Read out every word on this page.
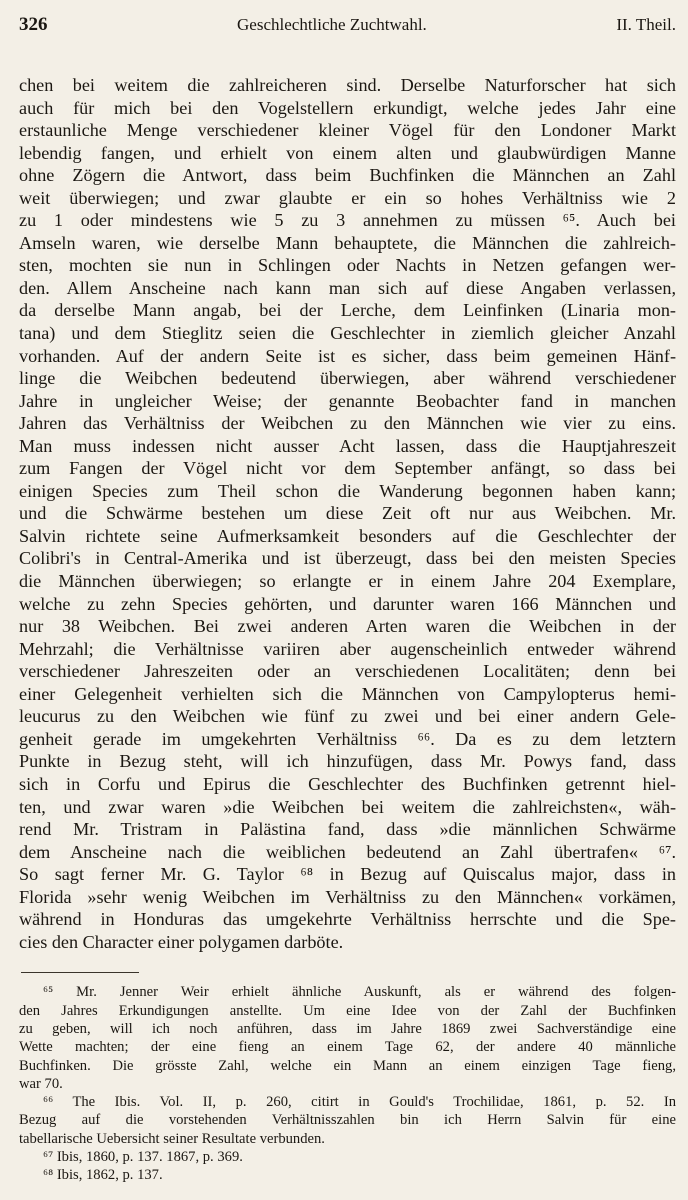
326	Geschlechtliche Zuchtwahl.	II. Theil.
chen bei weitem die zahlreicheren sind. Derselbe Naturforscher hat sich
auch für mich bei den Vogelstellern erkundigt, welche jedes Jahr eine
erstaunliche Menge verschiedener kleiner Vögel für den Londoner Markt
lebendig fangen, und erhielt von einem alten und glaubwürdigen Manne
ohne Zögern die Antwort, dass beim Buchfinken die Männchen an Zahl
weit überwiegen; und zwar glaubte er ein so hohes Verhältniss wie 2
zu 1 oder mindestens wie 5 zu 3 annehmen zu müssen ⁶⁵. Auch bei
Amseln waren, wie derselbe Mann behauptete, die Männchen die zahlreich-
sten, mochten sie nun in Schlingen oder Nachts in Netzen gefangen wer-
den. Allem Anscheine nach kann man sich auf diese Angaben verlassen,
da derselbe Mann angab, bei der Lerche, dem Leinfinken (Linaria mon-
tana) und dem Stieglitz seien die Geschlechter in ziemlich gleicher Anzahl
vorhanden. Auf der andern Seite ist es sicher, dass beim gemeinen Hänf-
linge die Weibchen bedeutend überwiegen, aber während verschiedener
Jahre in ungleicher Weise; der genannte Beobachter fand in manchen
Jahren das Verhältniss der Weibchen zu den Männchen wie vier zu eins.
Man muss indessen nicht ausser Acht lassen, dass die Hauptjahreszeit
zum Fangen der Vögel nicht vor dem September anfängt, so dass bei
einigen Species zum Theil schon die Wanderung begonnen haben kann;
und die Schwärme bestehen um diese Zeit oft nur aus Weibchen. Mr.
Salvin richtete seine Aufmerksamkeit besonders auf die Geschlechter der
Colibri's in Central-Amerika und ist überzeugt, dass bei den meisten Species
die Männchen überwiegen; so erlangte er in einem Jahre 204 Exemplare,
welche zu zehn Species gehörten, und darunter waren 166 Männchen und
nur 38 Weibchen. Bei zwei anderen Arten waren die Weibchen in der
Mehrzahl; die Verhältnisse variiren aber augenscheinlich entweder während
verschiedener Jahreszeiten oder an verschiedenen Localitäten; denn bei
einer Gelegenheit verhielten sich die Männchen von Campylopterus hemi-
leucurus zu den Weibchen wie fünf zu zwei und bei einer andern Gele-
genheit gerade im umgekehrten Verhältniss ⁶⁶. Da es zu dem letztern
Punkte in Bezug steht, will ich hinzufügen, dass Mr. Powys fand, dass
sich in Corfu und Epirus die Geschlechter des Buchfinken getrennt hiel-
ten, und zwar waren »die Weibchen bei weitem die zahlreichsten«, wäh-
rend Mr. Tristram in Palästina fand, dass »die männlichen Schwärme
dem Anscheine nach die weiblichen bedeutend an Zahl übertrafen« ⁶⁷.
So sagt ferner Mr. G. Taylor ⁶⁸ in Bezug auf Quiscalus major, dass in
Florida »sehr wenig Weibchen im Verhältniss zu den Männchen« vorkämen,
während in Honduras das umgekehrte Verhältniss herrschte und die Spe-
cies den Character einer polygamen darböte.
⁶⁵ Mr. Jenner Weir erhielt ähnliche Auskunft, als er während des folgen-
den Jahres Erkundigungen anstellte. Um eine Idee von der Zahl der Buchfinken
zu geben, will ich noch anführen, dass im Jahre 1869 zwei Sachverständige eine
Wette machten; der eine fieng an einem Tage 62, der andere 40 männliche
Buchfinken. Die grösste Zahl, welche ein Mann an einem einzigen Tage fieng,
war 70.
⁶⁶ The Ibis. Vol. II, p. 260, citirt in Gould's Trochilidae, 1861, p. 52. In
Bezug auf die vorstehenden Verhältnisszahlen bin ich Herrn Salvin für eine
tabellarische Uebersicht seiner Resultate verbunden.
⁶⁷ Ibis, 1860, p. 137. 1867, p. 369.
⁶⁸ Ibis, 1862, p. 137.
